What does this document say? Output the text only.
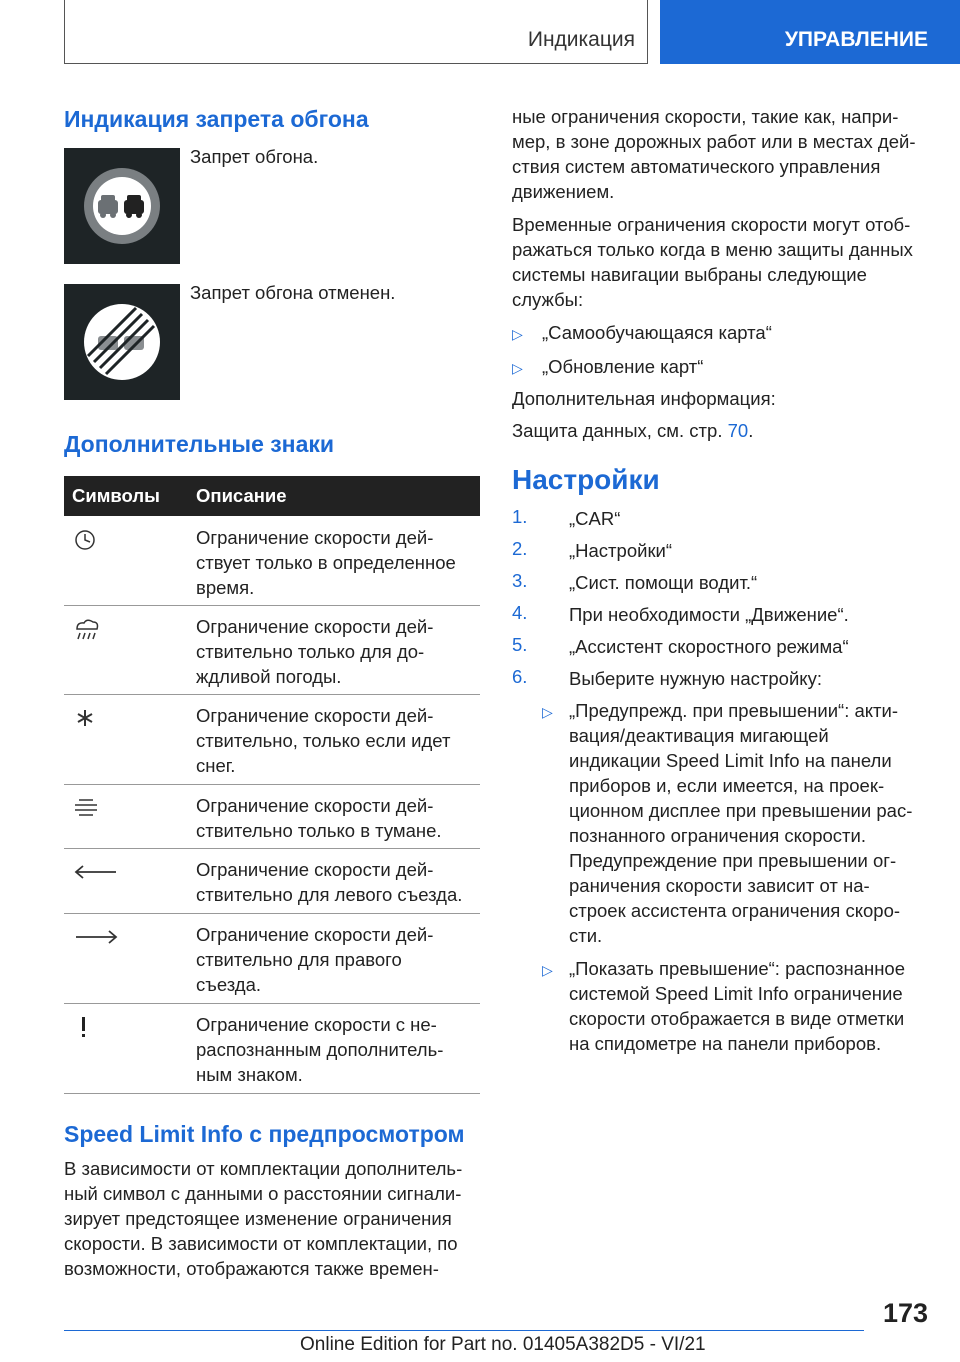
Индикация	УПРАВЛЕНИЕ
Индикация запрета обгона
Запрет обгона.
Запрет обгона отменен.
Дополнительные знаки
Символы Описание
Ограничение скорости дей-
ствует только в определенное
время.
Ограничение скорости дей-
ствительно только для до-
ждливой погоды.
Ограничение скорости дей-
ствительно, только если идет
снег.
Ограничение скорости дей-
ствительно только в тумане.
Ограничение скорости дей-
ствительно для левого съезда.
Ограничение скорости дей-
ствительно для правого
съезда.
Ограничение скорости с не-
распознанным дополнитель-
ным знаком.
Speed Limit Info с предпросмотром
В зависимости от комплектации дополнитель-
ный символ с данными о расстоянии сигнали-
зирует предстоящее изменение ограничения
скорости. В зависимости от комплектации, по
возможности, отображаются также времен-
ные ограничения скорости, такие как, напри-
мер, в зоне дорожных работ или в местах дей-
ствия систем автоматического управления
движением.
Временные ограничения скорости могут отоб-
ражаться только когда в меню защиты данных
системы навигации выбраны следующие
службы:
▷ „Самообучающаяся карта“
▷ „Обновление карт“
Дополнительная информация:
Защита данных, см. стр. 70.
Настройки
1. „CAR“
2. „Настройки“
3. „Сист. помощи водит.“
4. При необходимости „Движение“.
5. „Ассистент скоростного режима“
6. Выберите нужную настройку:
▷ „Предупрежд. при превышении“: акти-
вация/деактивация мигающей
индикации Speed Limit Info на панели
приборов и, если имеется, на проек-
ционном дисплее при превышении рас-
познанного ограничения скорости.
Предупреждение при превышении ог-
раничения скорости зависит от на-
строек ассистента ограничения скоро-
сти.
▷ „Показать превышение“: распознанное
системой Speed Limit Info ограничение
скорости отображается в виде отметки
на спидометре на панели приборов.
173
Online Edition for Part no. 01405A382D5 - VI/21
